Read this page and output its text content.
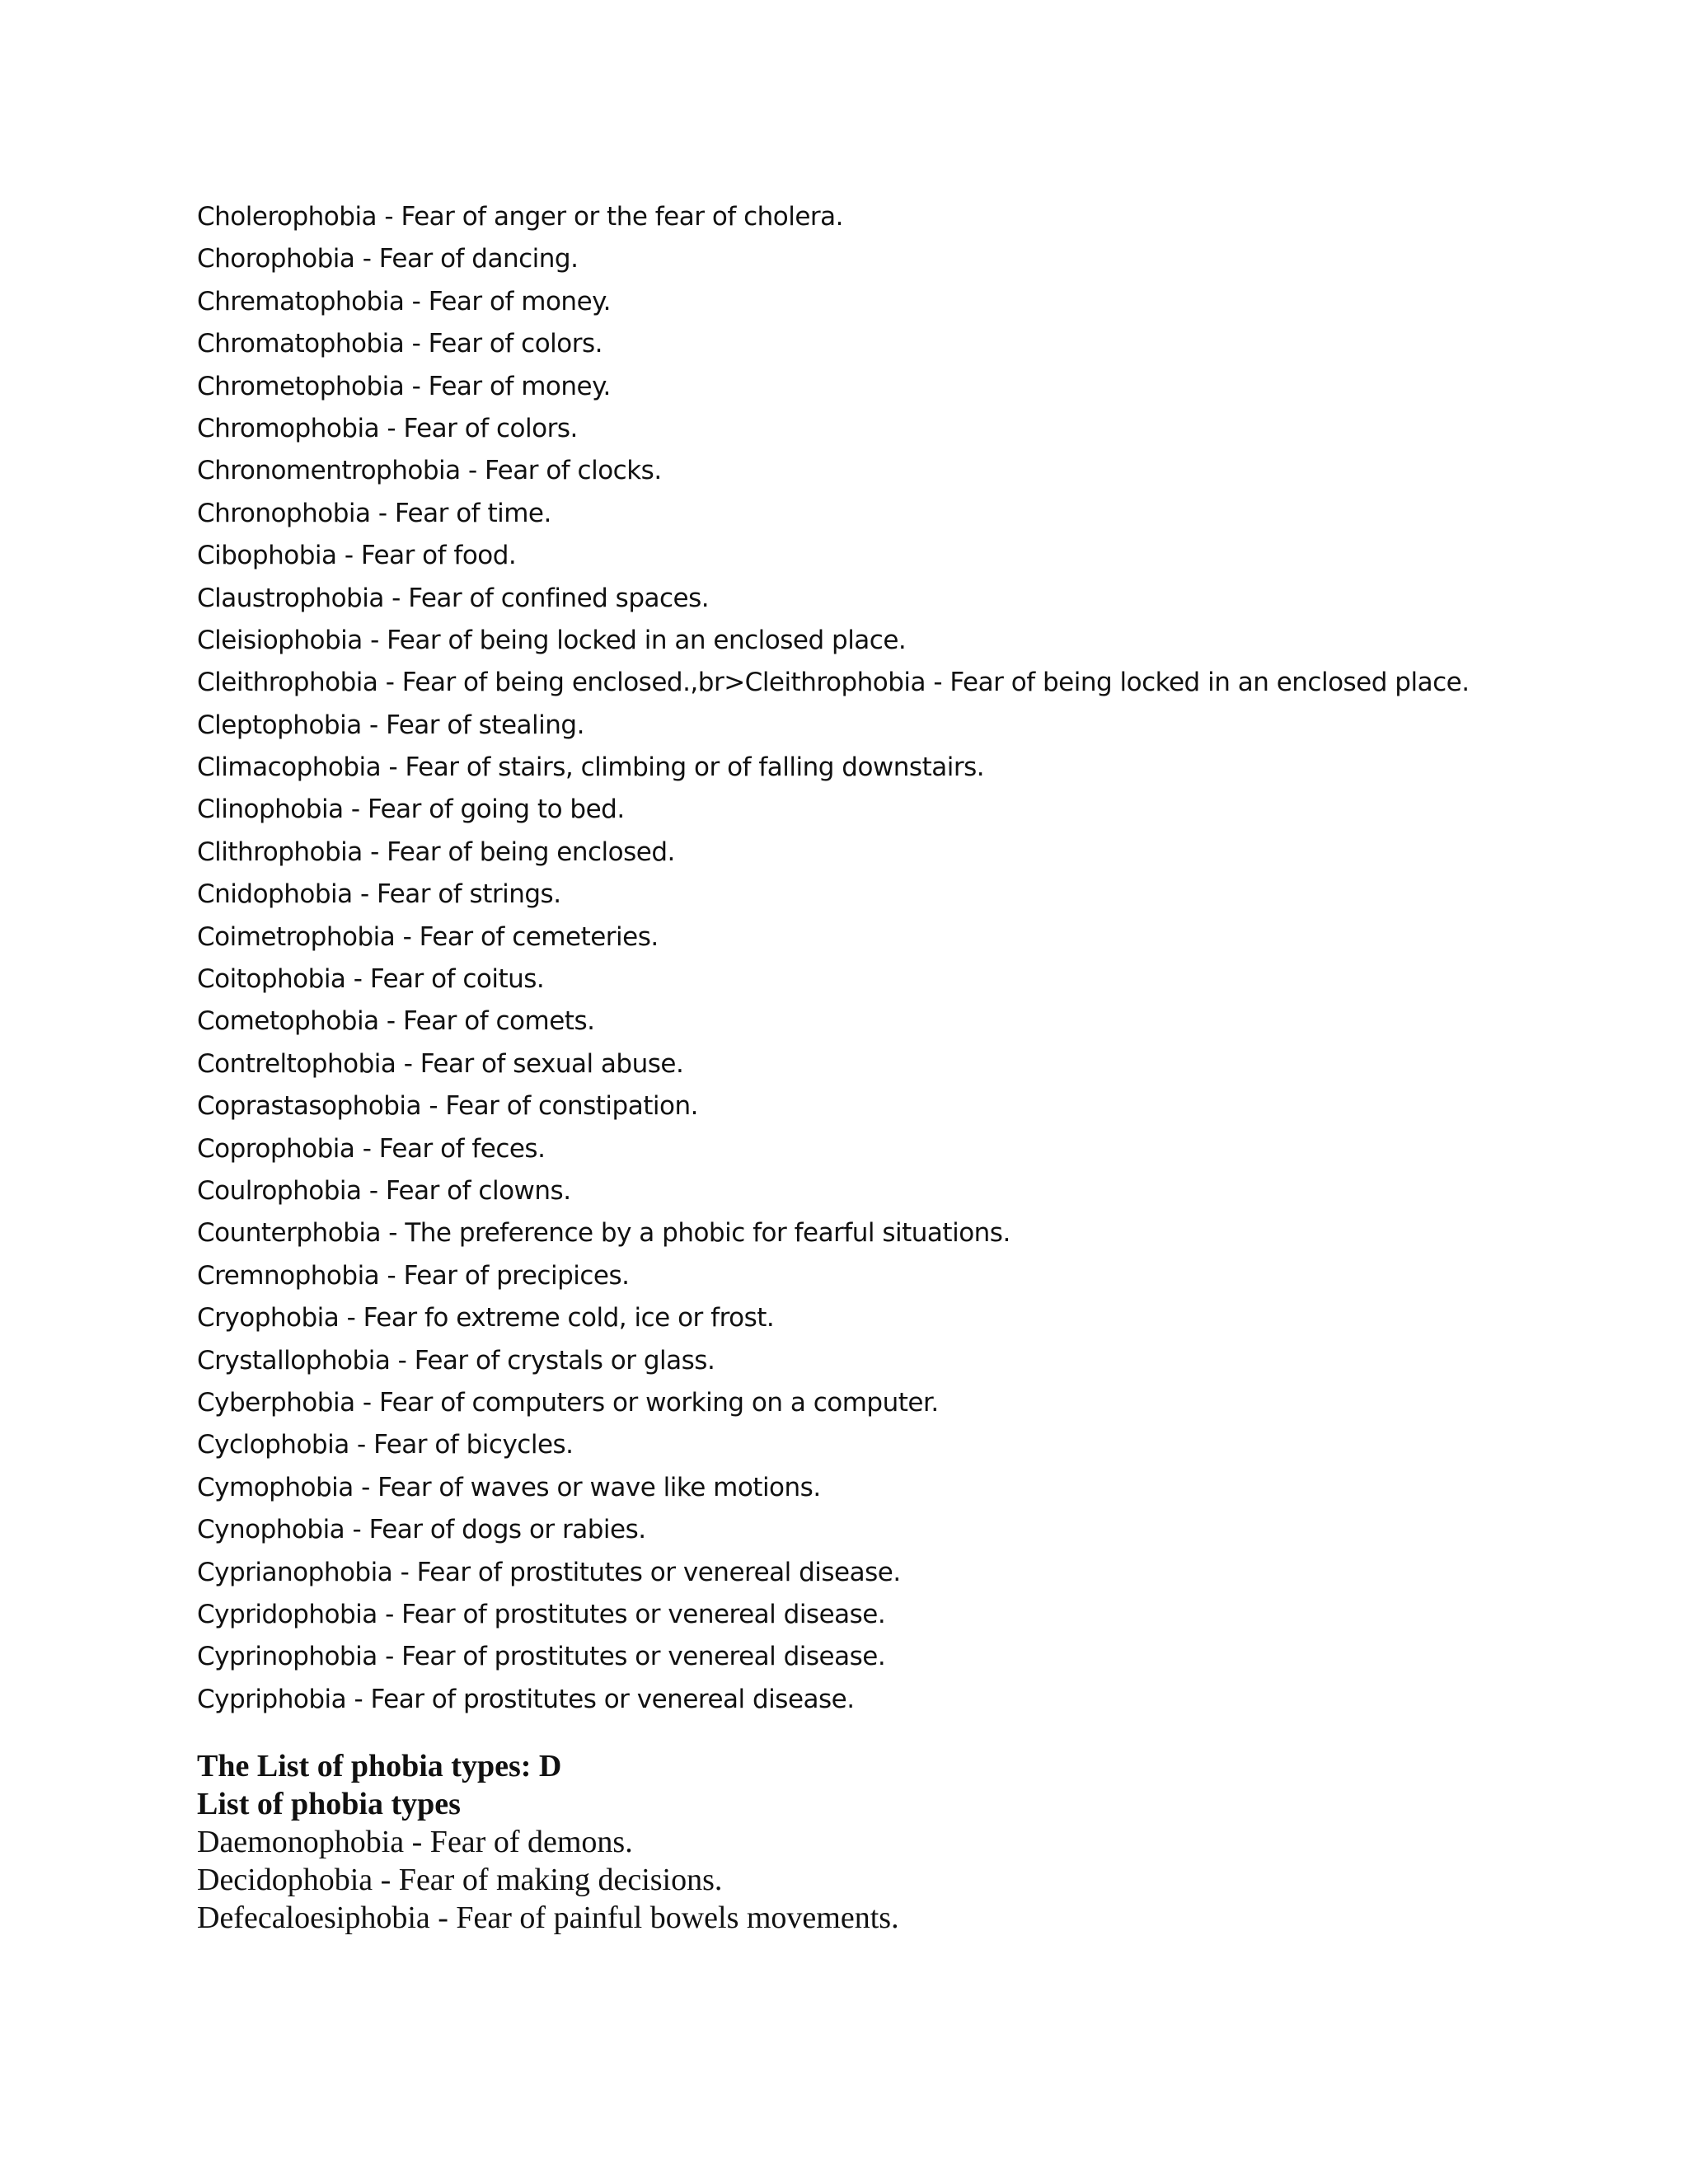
Cholerophobia - Fear of anger or the fear of cholera.
Chorophobia - Fear of dancing.
Chrematophobia - Fear of money.
Chromatophobia - Fear of colors.
Chrometophobia - Fear of money.
Chromophobia - Fear of colors.
Chronomentrophobia - Fear of clocks.
Chronophobia - Fear of time.
Cibophobia - Fear of food.
Claustrophobia - Fear of confined spaces.
Cleisiophobia - Fear of being locked in an enclosed place.
Cleithrophobia - Fear of being enclosed.,br>Cleithrophobia - Fear of being locked in an enclosed place.
Cleptophobia - Fear of stealing.
Climacophobia - Fear of stairs, climbing or of falling downstairs.
Clinophobia - Fear of going to bed.
Clithrophobia - Fear of being enclosed.
Cnidophobia - Fear of strings.
Coimetrophobia - Fear of cemeteries.
Coitophobia - Fear of coitus.
Cometophobia - Fear of comets.
Contreltophobia - Fear of sexual abuse.
Coprastasophobia - Fear of constipation.
Coprophobia - Fear of feces.
Coulrophobia - Fear of clowns.
Counterphobia - The preference by a phobic for fearful situations.
Cremnophobia - Fear of precipices.
Cryophobia - Fear fo extreme cold, ice or frost.
Crystallophobia - Fear of crystals or glass.
Cyberphobia - Fear of computers or working on a computer.
Cyclophobia - Fear of bicycles.
Cymophobia - Fear of waves or wave like motions.
Cynophobia - Fear of dogs or rabies.
Cyprianophobia - Fear of prostitutes or venereal disease.
Cypridophobia - Fear of prostitutes or venereal disease.
Cyprinophobia - Fear of prostitutes or venereal disease.
Cypriphobia - Fear of prostitutes or venereal disease.

The List of phobia types: D

List of phobia types

Daemonophobia - Fear of demons.
Decidophobia - Fear of making decisions.
Defecaloesiphobia - Fear of painful bowels movements.
